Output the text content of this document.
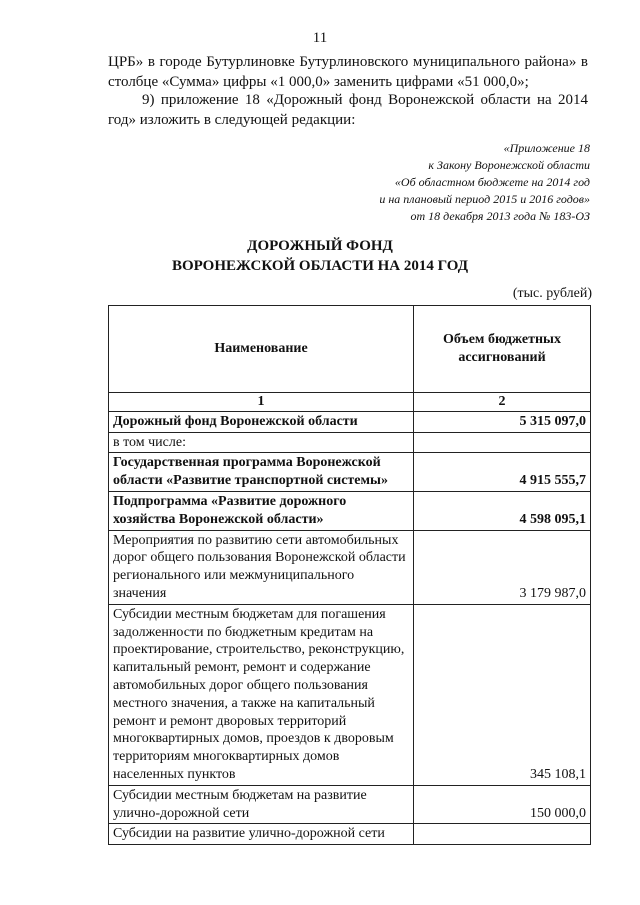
11
ЦРБ» в городе Бутурлиновке Бутурлиновского муниципального района» в столбце «Сумма» цифры «1 000,0» заменить цифрами «51 000,0»;
9) приложение 18 «Дорожный фонд Воронежской области на 2014 год» изложить в следующей редакции:
«Приложение 18
к Закону Воронежской области
«Об областном бюджете на 2014 год
и на плановый период 2015 и 2016 годов»
от 18 декабря 2013 года № 183-ОЗ
ДОРОЖНЫЙ ФОНД
ВОРОНЕЖСКОЙ ОБЛАСТИ НА 2014 ГОД
(тыс. рублей)
Наименование	Объем бюджетных ассигнований
1	2
Дорожный фонд Воронежской области	5 315 097,0
в том числе:	
Государственная программа Воронежской области «Развитие транспортной системы»	4 915 555,7
Подпрограмма «Развитие дорожного хозяйства Воронежской области»	4 598 095,1
Мероприятия по развитию сети автомобильных дорог общего пользования Воронежской области регионального или межмуниципального значения	3 179 987,0
Субсидии местным бюджетам для погашения задолженности по бюджетным кредитам на проектирование, строительство, реконструкцию, капитальный ремонт, ремонт и содержание автомобильных дорог общего пользования местного значения, а также на капитальный ремонт и ремонт дворовых территорий многоквартирных домов, проездов к дворовым территориям многоквартирных домов населенных пунктов	345 108,1
Субсидии местным бюджетам на развитие улично-дорожной сети	150 000,0
Субсидии на развитие улично-дорожной сети	
